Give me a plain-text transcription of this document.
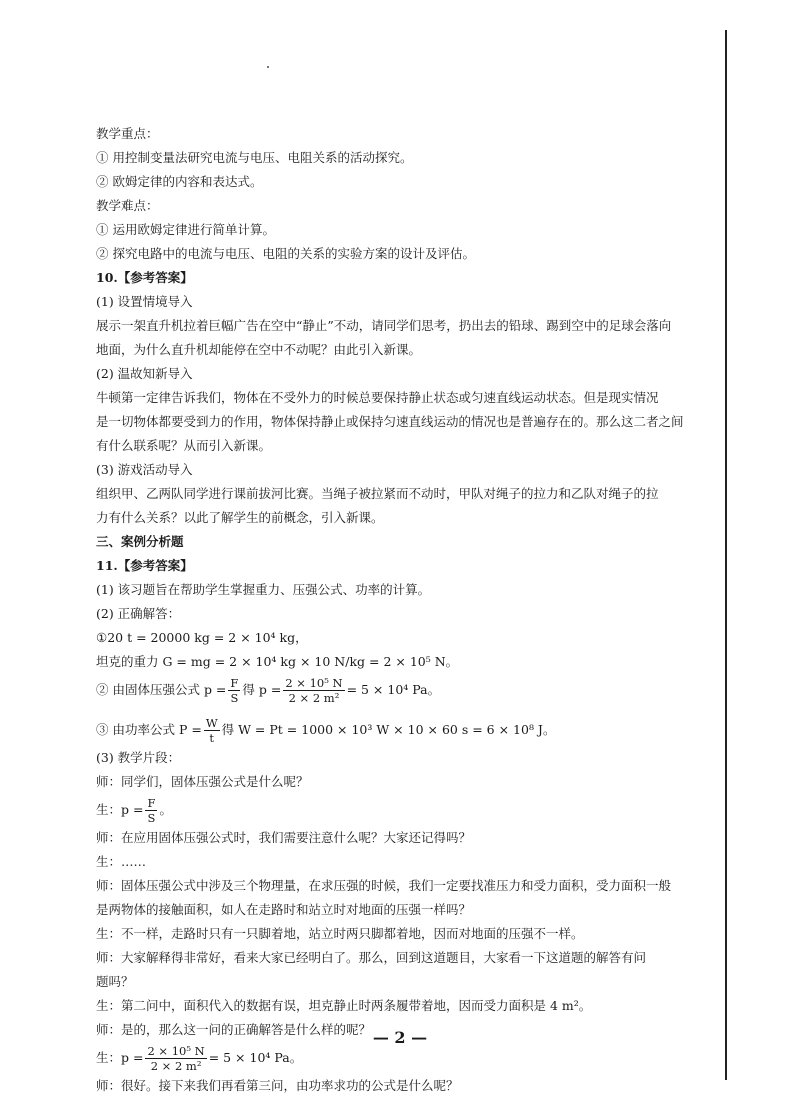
教学重点：

① 用控制变量法研究电流与电压、电阻关系的活动探究。

② 欧姆定律的内容和表达式。

教学难点：

① 运用欧姆定律进行简单计算。

② 探究电路中的电流与电压、电阻的关系的实验方案的设计及评估。

10.【参考答案】

(1) 设置情境导入

展示一架直升机拉着巨幅广告在空中“静止”不动，请同学们思考，扔出去的铅球、踢到空中的足球会落向

地面，为什么直升机却能停在空中不动呢？由此引入新课。

(2) 温故知新导入

牛顿第一定律告诉我们，物体在不受外力的时候总要保持静止状态或匀速直线运动状态。但是现实情况

是一切物体都要受到力的作用，物体保持静止或保持匀速直线运动的情况也是普遍存在的。那么这二者之间

有什么联系呢？从而引入新课。

(3) 游戏活动导入

组织甲、乙两队同学进行课前拔河比赛。当绳子被拉紧而不动时，甲队对绳子的拉力和乙队对绳子的拉

力有什么关系？以此了解学生的前概念，引入新课。

三、案例分析题

11.【参考答案】

(1) 该习题旨在帮助学生掌握重力、压强公式、功率的计算。

(2) 正确解答：

①20 t = 20000 kg = 2 × 10⁴ kg，

坦克的重力 G = mg = 2 × 10⁴ kg × 10 N/kg = 2 × 10⁵ N。

② 由固体压强公式 $p = \frac{F}{S}$ 得 $p = \frac{\text{2 × 10⁵ N}}{\text{2 × 2 m²}} = 5 \times 10^4$ Pa。
③ 由功率公式 $P = \frac{W}{t}$ 得 W = Pt = 1000 × 10³ W × 10 × 60 s = 6 × 10⁸ J。

(3) 教学片段：

师：同学们，固体压强公式是什么呢？

生：$p = \frac{F}{S}$ 。

师：在应用固体压强公式时，我们需要注意什么呢？大家还记得吗？

生：……

师：固体压强公式中涉及三个物理量，在求压强的时候，我们一定要找准压力和受力面积，受力面积一般

是两物体的接触面积，如人在走路时和站立时对地面的压强一样吗？

生：不一样，走路时只有一只脚着地，站立时两只脚都着地，因而对地面的压强不一样。

师：大家解释得非常好，看来大家已经明白了。那么，回到这道题目，大家看一下这道题的解答有问

题吗？

生：第二问中，面积代入的数据有误，坦克静止时两条履带着地，因而受力面积是 4 m²。

师：是的，那么这一问的正确解答是什么样的呢？

生：$p = \frac{\text{2 × 10⁵ N}}{\text{2 × 2 m²}} = 5 \times 10^4$ Pa。

师：很好。接下来我们再看第三问，由功率求功的公式是什么呢？

— 2 —
